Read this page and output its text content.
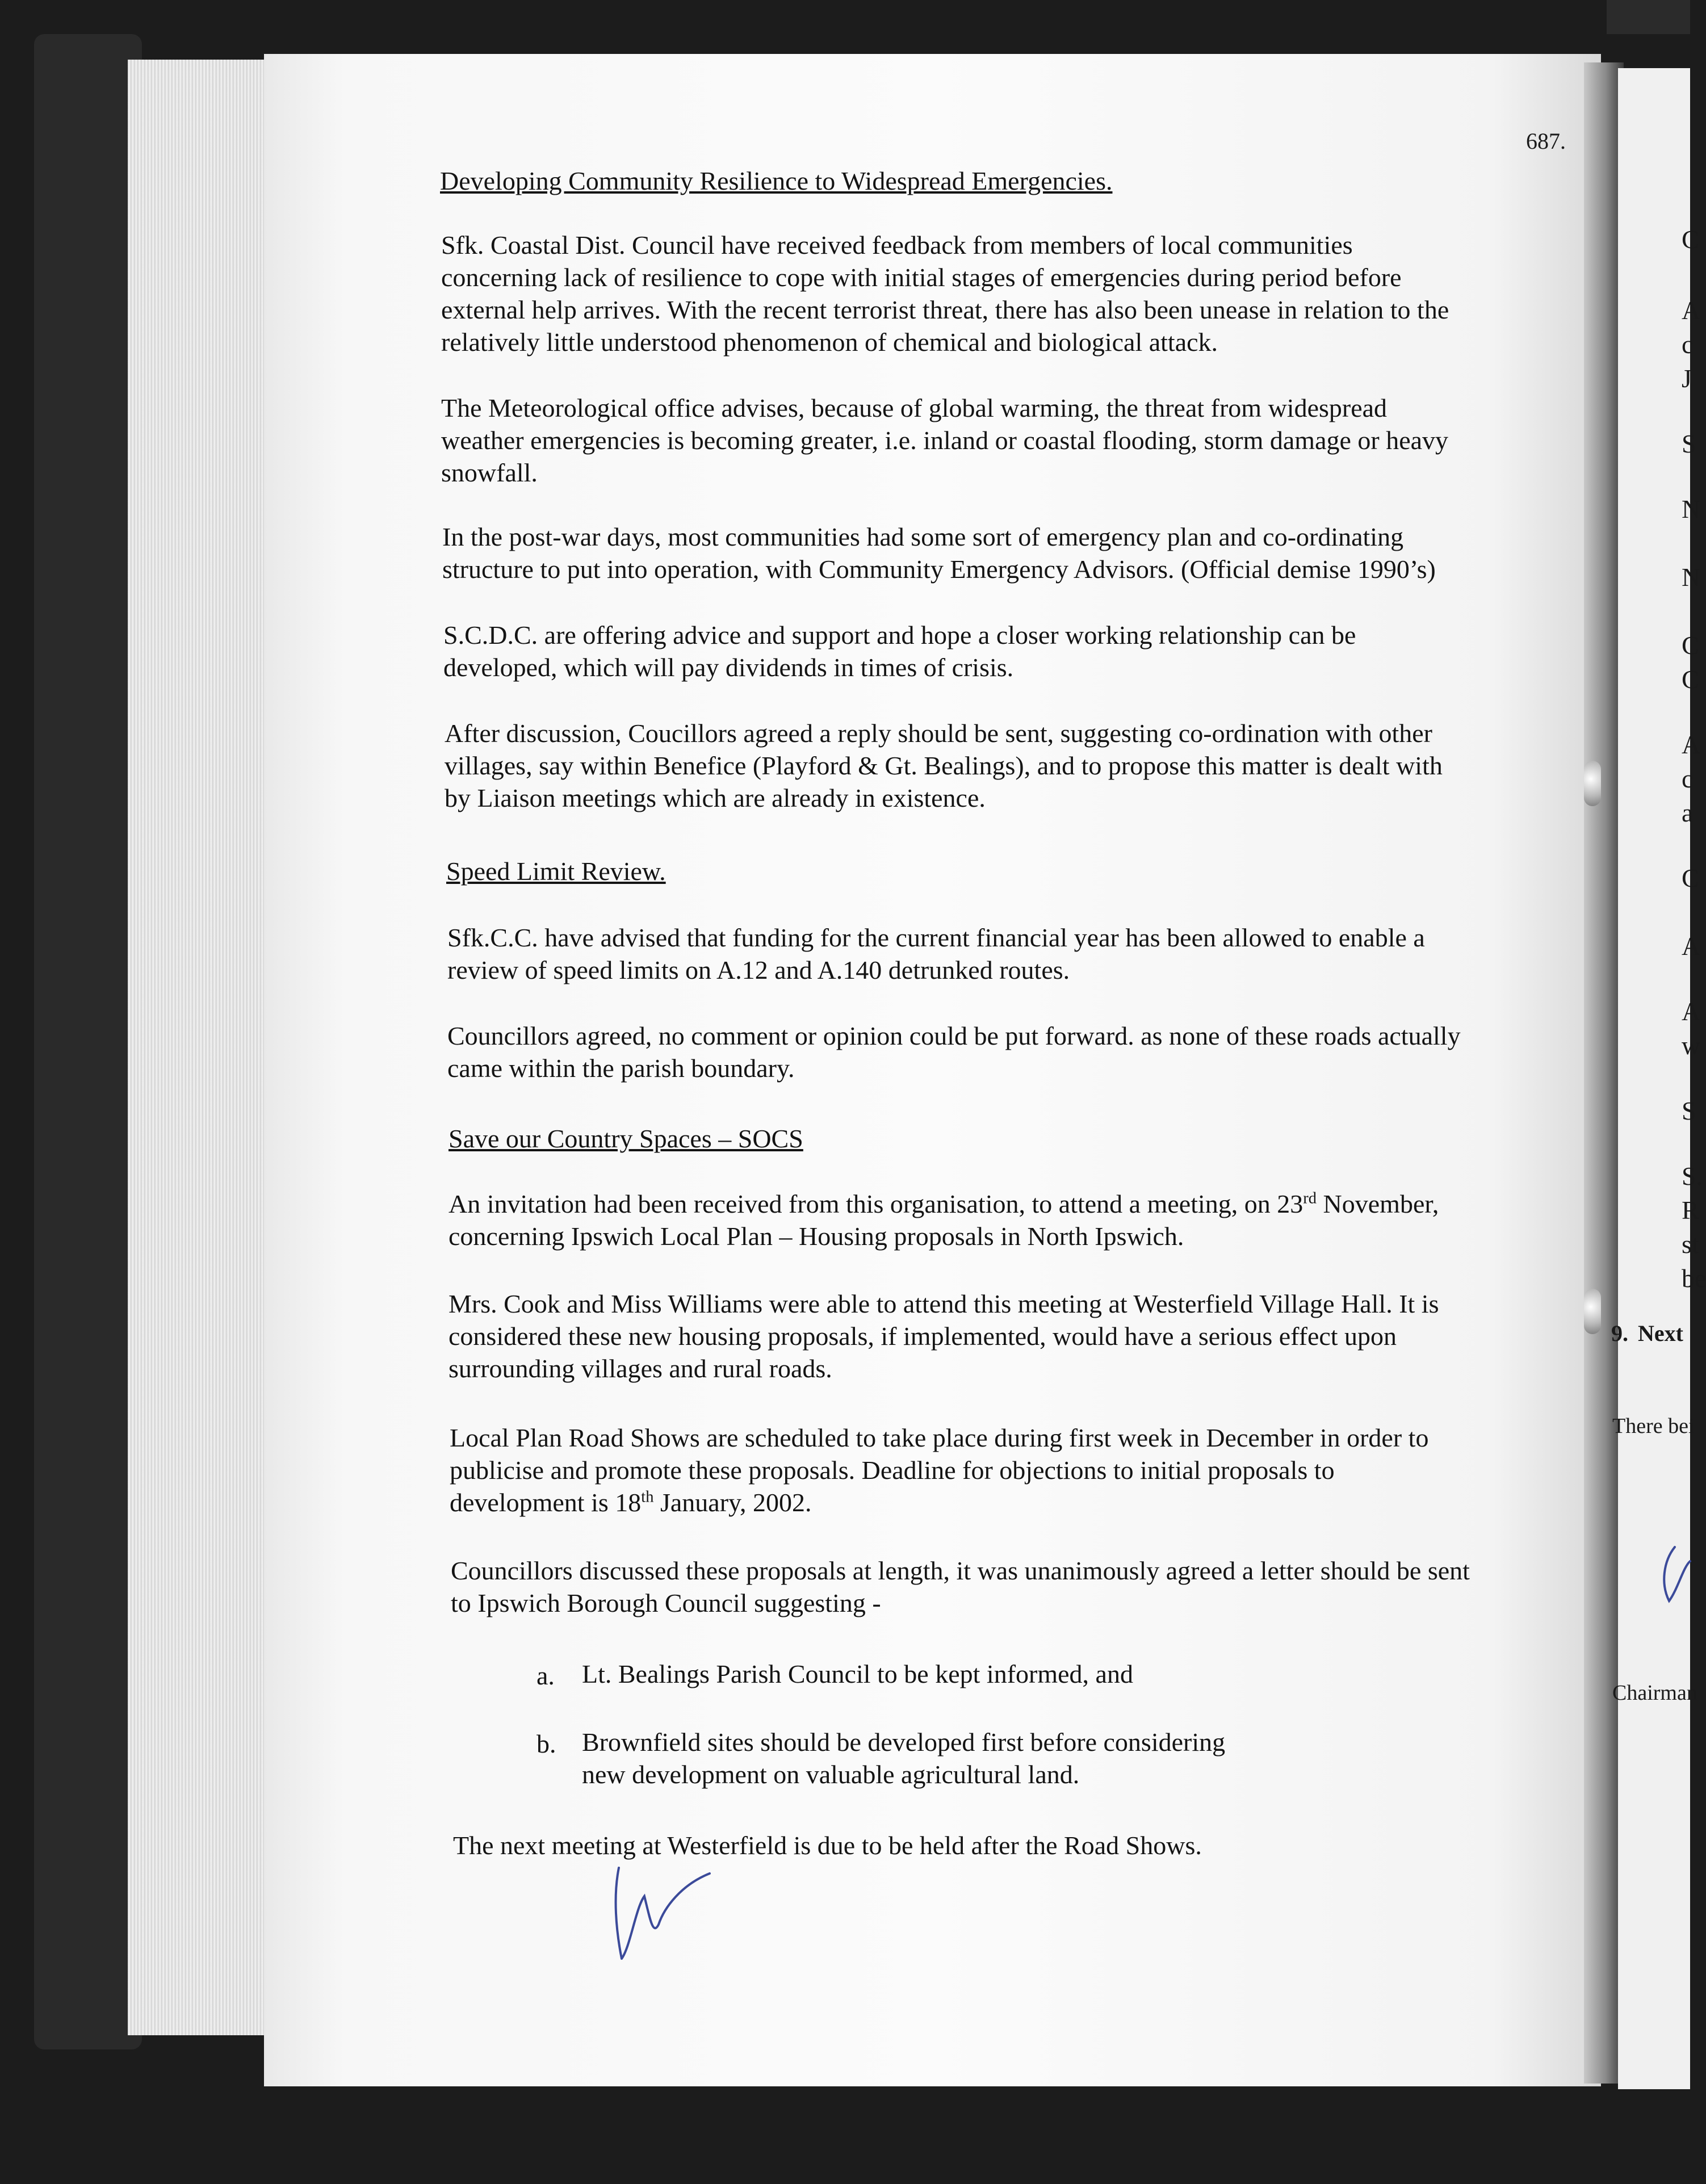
687.

Developing Community Resilience to Widespread Emergencies.

Sfk. Coastal Dist. Council have received feedback from members of local communities

concerning lack of resilience to cope with initial stages of emergencies during period before

external help arrives. With the recent terrorist threat, there has also been unease in relation to the

relatively little understood phenomenon of chemical and biological attack.

The Meteorological office advises, because of global warming, the threat from widespread

weather emergencies is becoming greater, i.e. inland or coastal flooding, storm damage or heavy

snowfall.

In the post-war days, most communities had some sort of emergency plan and co-ordinating

structure to put into operation, with Community Emergency Advisors. (Official demise 1990’s)

S.C.D.C. are offering advice and support and hope a closer working relationship can be

developed, which will pay dividends in times of crisis.

After discussion, Coucillors agreed a reply should be sent, suggesting co-ordination with other

villages, say within Benefice (Playford & Gt. Bealings), and to propose this matter is dealt with

by Liaison meetings which are already in existence.

Speed Limit Review.

Sfk.C.C. have advised that funding for the current financial year has been allowed to enable a

review of speed limits on A.12 and A.140 detrunked routes.

Councillors agreed, no comment or opinion could be put forward. as none of these roads actually

came within the parish boundary.

Save our Country Spaces – SOCS

An invitation had been received from this organisation, to attend a meeting, on 23rd November,

concerning Ipswich Local Plan – Housing proposals in North Ipswich.

Mrs. Cook and Miss Williams were able to attend this meeting at Westerfield Village Hall. It is

considered these new housing proposals, if implemented, would have a serious effect upon

surrounding villages and rural roads.

Local Plan Road Shows are scheduled to take place during first week in December in order to

publicise and promote these proposals. Deadline for objections to initial proposals to

development is 18th January, 2002.

Councillors discussed these proposals at length, it was unanimously agreed a letter should be sent

to Ipswich Borough Council suggesting -

a. Lt. Bealings Parish Council to be kept informed, and

b. Brownfield sites should be developed first before considering

new development on valuable agricultural land.

The next meeting at Westerfield is due to be held after the Road Shows.

C
A
c
J
S
N
N
C
C
A
c
a
C
A
A
w
S
S.
R
st
be
9. Next
There bei
Chairman
